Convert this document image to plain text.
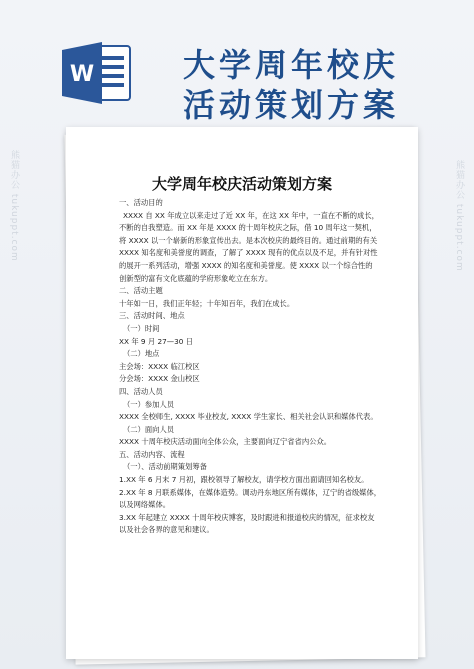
W	大学周年校庆
活动策划方案
熊猫办公 tukuppt.com	熊猫办公 tukuppt.com
大学周年校庆活动策划方案
一、活动目的
XXXX 自 XX 年成立以来走过了近 XX 年，在这 XX 年中，一直在不断的成长，
不断的自我塑造。而 XX 年是 XXXX 的十周年校庆之际，借 10 周年这一契机，
将 XXXX 以一个崭新的形象宣传出去。是本次校庆的最终目的。通过前期的有关
XXXX 知名度和美誉度的调查，了解了 XXXX 现有的优点以及不足，并有针对性
的展开一系列活动，增强 XXXX 的知名度和美誉度。使 XXXX 以一个综合性的
创新型的富有文化底蕴的学府形象屹立在东方。
二、活动主题
十年如一日，我们正年轻；十年知百年，我们在成长。
三、活动时间、地点
（一）时间
XX 年 9 月 27—30 日
（二）地点
主会场：XXXX 临江校区
分会场：XXXX 金山校区
四、活动人员
（一）参加人员
XXXX 全校师生, XXXX 毕业校友, XXXX 学生家长、相关社会认识和媒体代表。
（二）面向人员
XXXX 十周年校庆活动面向全体公众，主要面向辽宁省省内公众。
五、活动内容、流程
（一）、活动前期策划筹备
1.XX 年 6 月末 7 月初，跟校领导了解校友，请学校方面出面请回知名校友。
2.XX 年 8 月联系媒体，在媒体造势。调动丹东地区所有媒体，辽宁的省级媒体，
以及网络媒体。
3.XX 年起建立 XXXX 十周年校庆博客，及时跟进和报道校庆的情况，征求校友
以及社会各界的意见和建议。
